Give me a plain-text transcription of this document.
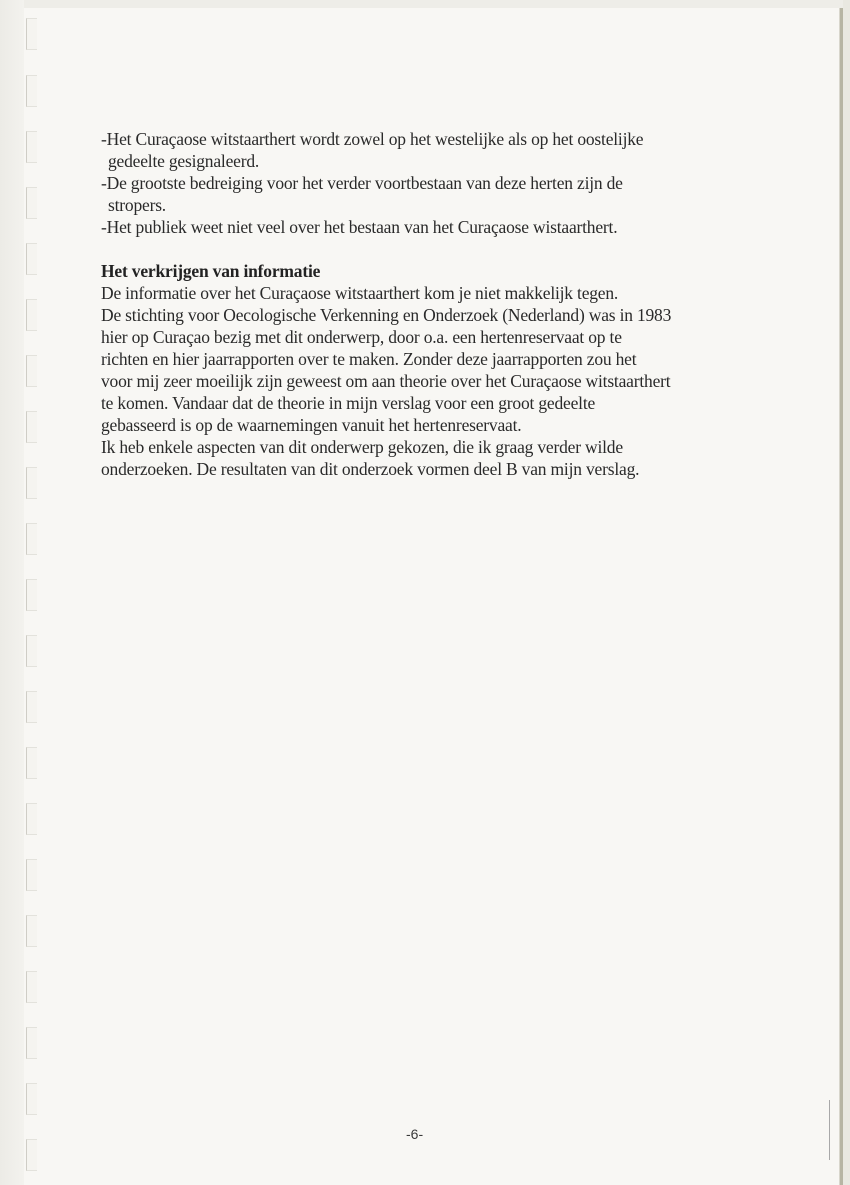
-Het Curaçaose witstaarthert wordt zowel op het westelijke als op het oostelijke
gedeelte gesignaleerd.
-De grootste bedreiging voor het verder voortbestaan van deze herten zijn de
stropers.
-Het publiek weet niet veel over het bestaan van het Curaçaose wistaarthert.
Het verkrijgen van informatie
De informatie over het Curaçaose witstaarthert kom je niet makkelijk tegen.
De stichting voor Oecologische Verkenning en Onderzoek (Nederland) was in 1983
hier op Curaçao bezig met dit onderwerp, door o.a. een hertenreservaat op te
richten en hier jaarrapporten over te maken. Zonder deze jaarrapporten zou het
voor mij zeer moeilijk zijn geweest om aan theorie over het Curaçaose witstaarthert
te komen. Vandaar dat de theorie in mijn verslag voor een groot gedeelte
gebasseerd is op de waarnemingen vanuit het hertenreservaat.
Ik heb enkele aspecten van dit onderwerp gekozen, die ik graag verder wilde
onderzoeken. De resultaten van dit onderzoek vormen deel B van mijn verslag.
-6-
